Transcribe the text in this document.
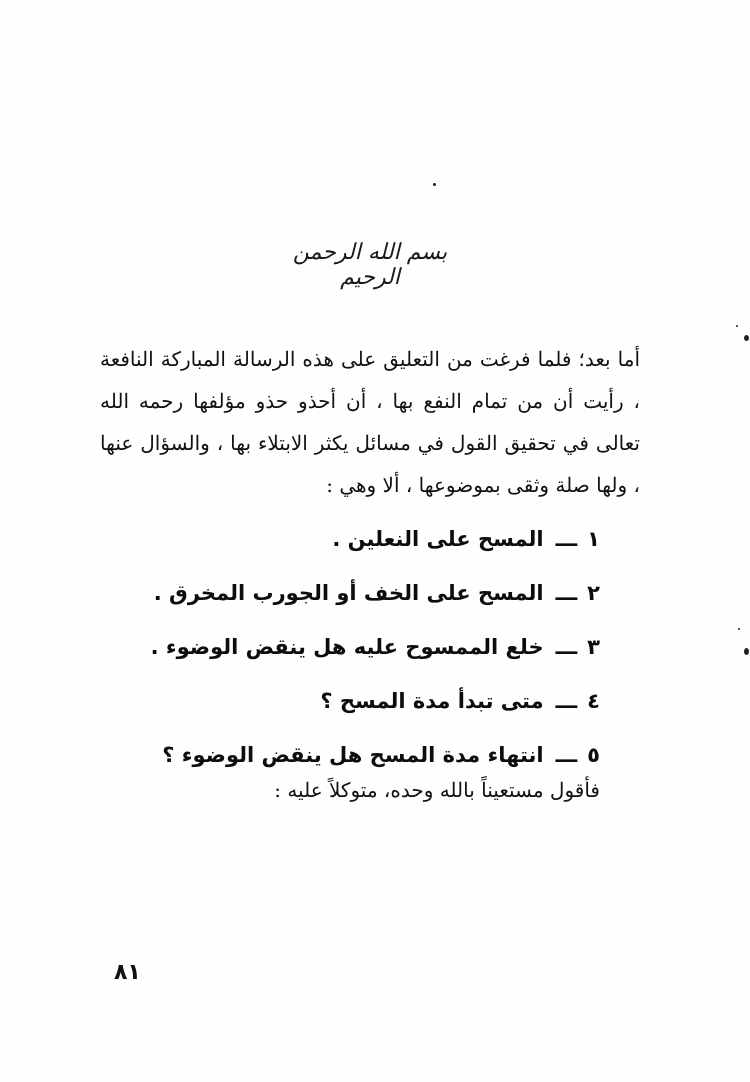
بسم الله الرحمن الرحيم
أما بعد؛ فلما فرغت من التعليق على هذه الرسالة المباركة النافعة ، رأيت أن من تمام النفع بها ، أن أحذو حذو مؤلفها رحمه الله تعالى في تحقيق القول في مسائل يكثر الابتلاء بها ، والسؤال عنها ، ولها صلة وثقى بموضوعها ، ألا وهي :
١ـــالمسح على النعلين .
٢ـــالمسح على الخف أو الجورب المخرق .
٣ـــخلع الممسوح عليه هل ينقض الوضوء .
٤ـــمتى تبدأ مدة المسح ؟
٥ـــانتهاء مدة المسح هل ينقض الوضوء ؟
فأقول مستعيناً بالله وحده، متوكلاً عليه :
٨١
